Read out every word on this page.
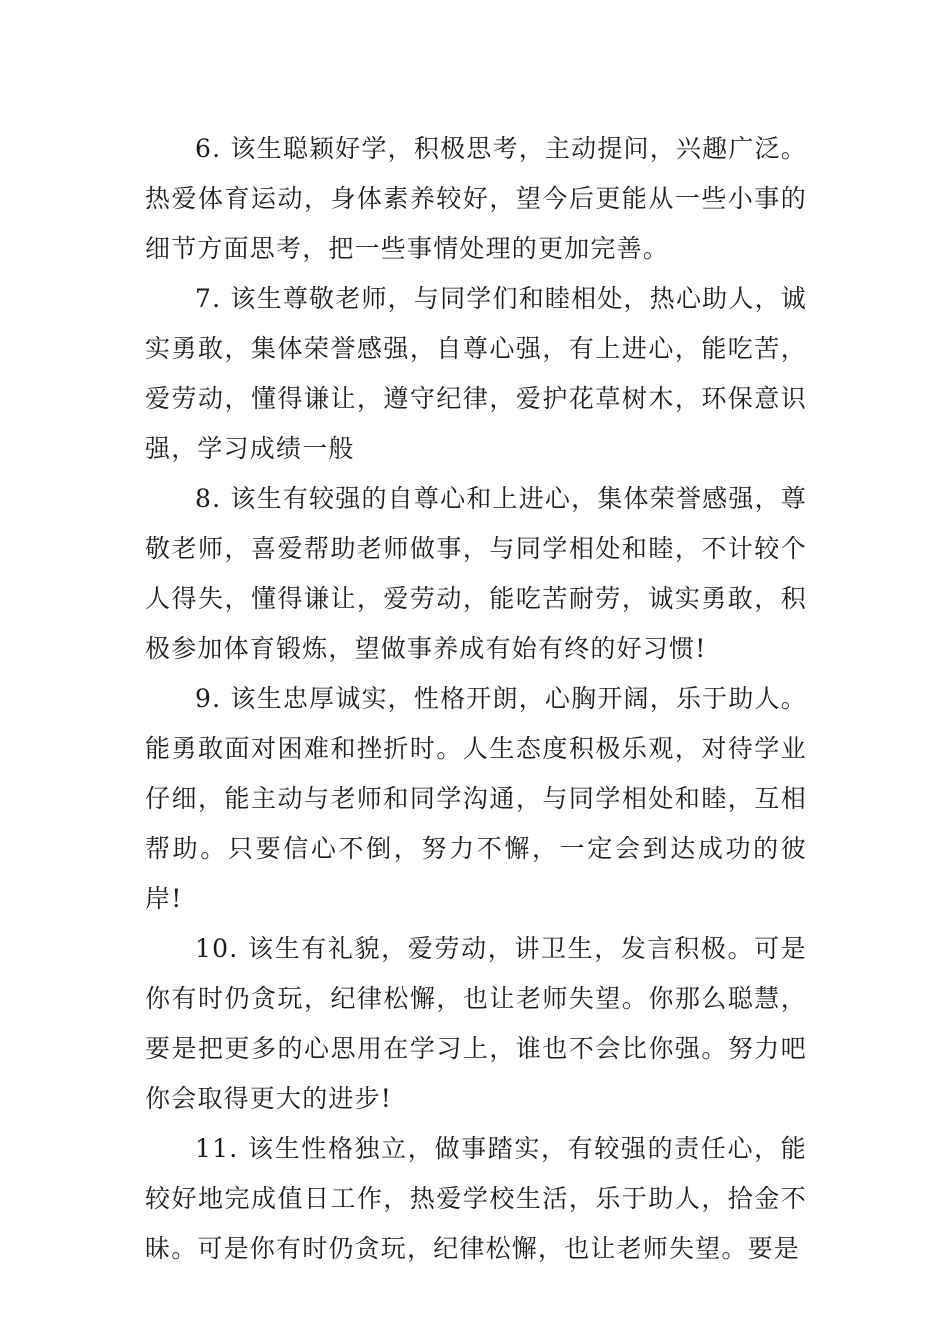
6. 该生聪颖好学，积极思考，主动提问，兴趣广泛。热爱体育运动，身体素养较好，望今后更能从一些小事的细节方面思考，把一些事情处理的更加完善。

7. 该生尊敬老师，与同学们和睦相处，热心助人，诚实勇敢，集体荣誉感强，自尊心强，有上进心，能吃苦，爱劳动，懂得谦让，遵守纪律，爱护花草树木，环保意识强，学习成绩一般

8. 该生有较强的自尊心和上进心，集体荣誉感强，尊敬老师，喜爱帮助老师做事，与同学相处和睦，不计较个人得失，懂得谦让，爱劳动，能吃苦耐劳，诚实勇敢，积极参加体育锻炼，望做事养成有始有终的好习惯!

9. 该生忠厚诚实，性格开朗，心胸开阔，乐于助人。能勇敢面对困难和挫折时。人生态度积极乐观，对待学业仔细，能主动与老师和同学沟通，与同学相处和睦，互相帮助。只要信心不倒，努力不懈，一定会到达成功的彼岸!

10. 该生有礼貌，爱劳动，讲卫生，发言积极。可是你有时仍贪玩，纪律松懈，也让老师失望。你那么聪慧，要是把更多的心思用在学习上，谁也不会比你强。努力吧你会取得更大的进步!

11. 该生性格独立，做事踏实，有较强的责任心，能较好地完成值日工作，热爱学校生活，乐于助人，拾金不昧。可是你有时仍贪玩，纪律松懈，也让老师失望。要是
